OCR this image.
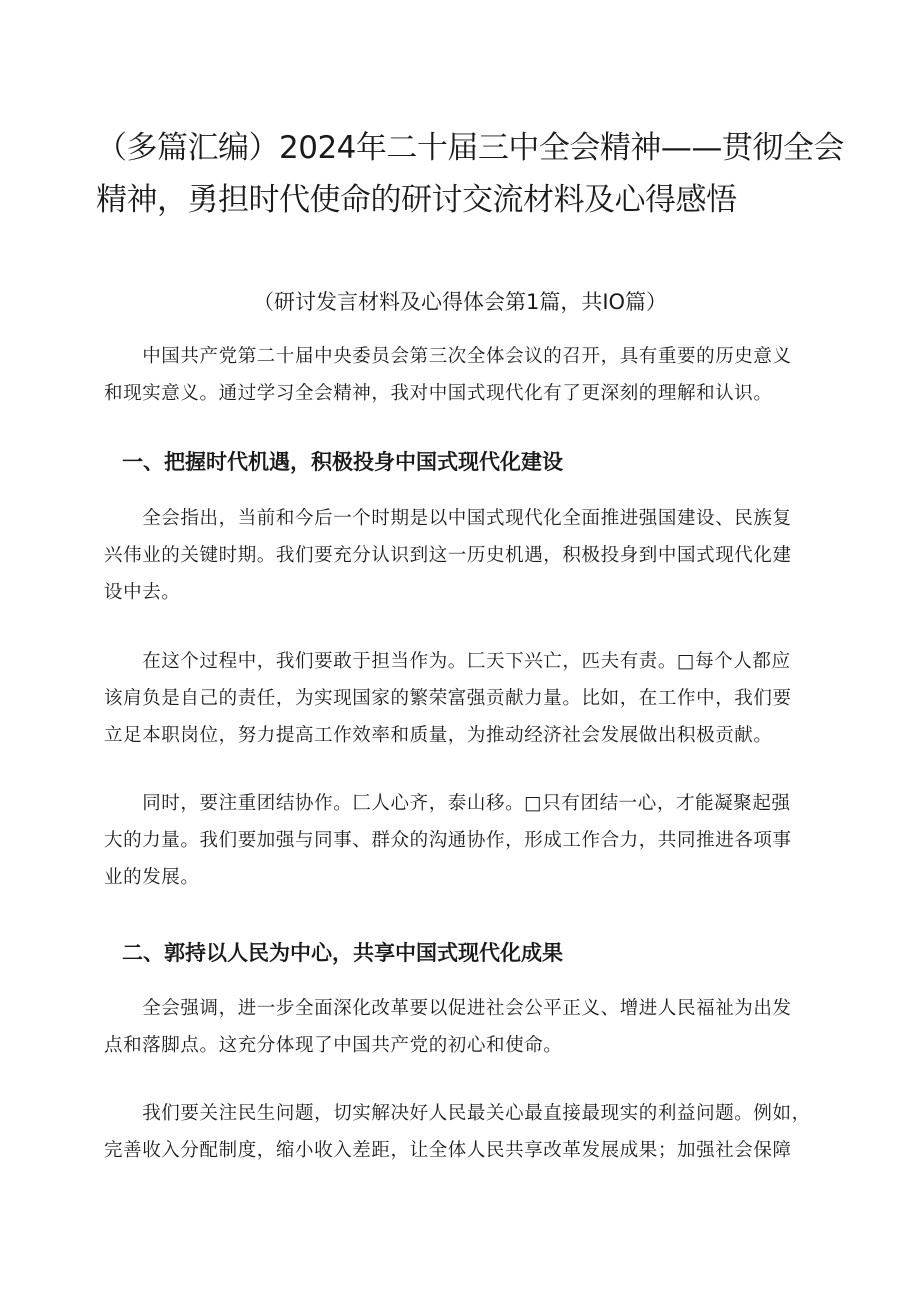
（多篇汇编）2024年二十届三中全会精神——贯彻全会
精神，勇担时代使命的研讨交流材料及心得感悟

（研讨发言材料及心得体会第1篇，共IO篇）

　　中国共产党第二十届中央委员会第三次全体会议的召开，具有重要的历史意义
和现实意义。通过学习全会精神，我对中国式现代化有了更深刻的理解和认识。

一、把握时代机遇，积极投身中国式现代化建设

　　全会指出，当前和今后一个时期是以中国式现代化全面推进强国建设、民族复
兴伟业的关键时期。我们要充分认识到这一历史机遇，积极投身到中国式现代化建
设中去。

　　在这个过程中，我们要敢于担当作为。匚天下兴亡，匹夫有责。□每个人都应
该肩负是自己的责任，为实现国家的繁荣富强贡献力量。比如，在工作中，我们要
立足本职岗位，努力提高工作效率和质量，为推动经济社会发展做出积极贡献。

　　同时，要注重团结协作。匚人心齐，泰山移。□只有团结一心，才能凝聚起强
大的力量。我们要加强与同事、群众的沟通协作，形成工作合力，共同推进各项事
业的发展。

二、郭持以人民为中心，共享中国式现代化成果

　　全会强调，进一步全面深化改革要以促进社会公平正义、增进人民福祉为出发
点和落脚点。这充分体现了中国共产党的初心和使命。

　　我们要关注民生问题，切实解决好人民最关心最直接最现实的利益问题。例如，
完善收入分配制度，缩小收入差距，让全体人民共享改革发展成果；加强社会保障
